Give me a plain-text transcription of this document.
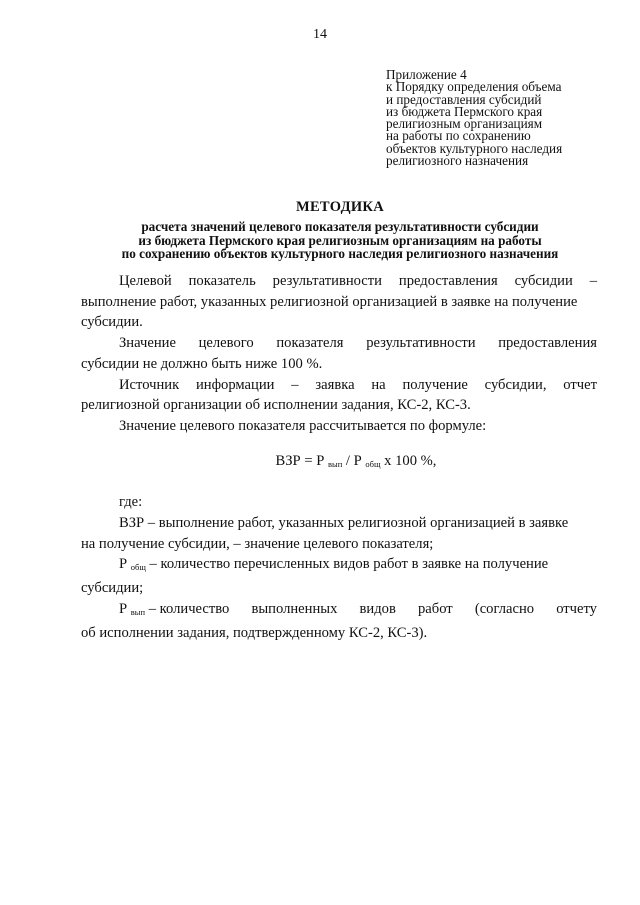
14
Приложение 4
к Порядку определения объема
и предоставления субсидий
из бюджета Пермского края
религиозным организациям
на работы по сохранению
объектов культурного наследия
религиозного назначения
МЕТОДИКА
расчета значений целевого показателя результативности субсидии
из бюджета Пермского края религиозным организациям на работы
по сохранению объектов культурного наследия религиозного назначения
Целевой показатель результативности предоставления субсидии –
выполнение работ, указанных религиозной организацией в заявке на получение
субсидии.
Значение целевого показателя результативности предоставления
субсидии не должно быть ниже 100 %.
Источник информации – заявка на получение субсидии, отчет
религиозной организации об исполнении задания, КС-2, КС-3.
Значение целевого показателя рассчитывается по формуле:
ВЗР = Р $_{вып}$ / Р $_{общ}$ х 100 %,
где:
ВЗР – выполнение работ, указанных религиозной организацией в заявке
на получение субсидии, – значение целевого показателя;
Р $_{общ}$ – количество перечисленных видов работ в заявке на получение
субсидии;
Р $_{вып}$ – количество выполненных видов работ (согласно отчету
об исполнении задания, подтвержденному КС-2, КС-3).
